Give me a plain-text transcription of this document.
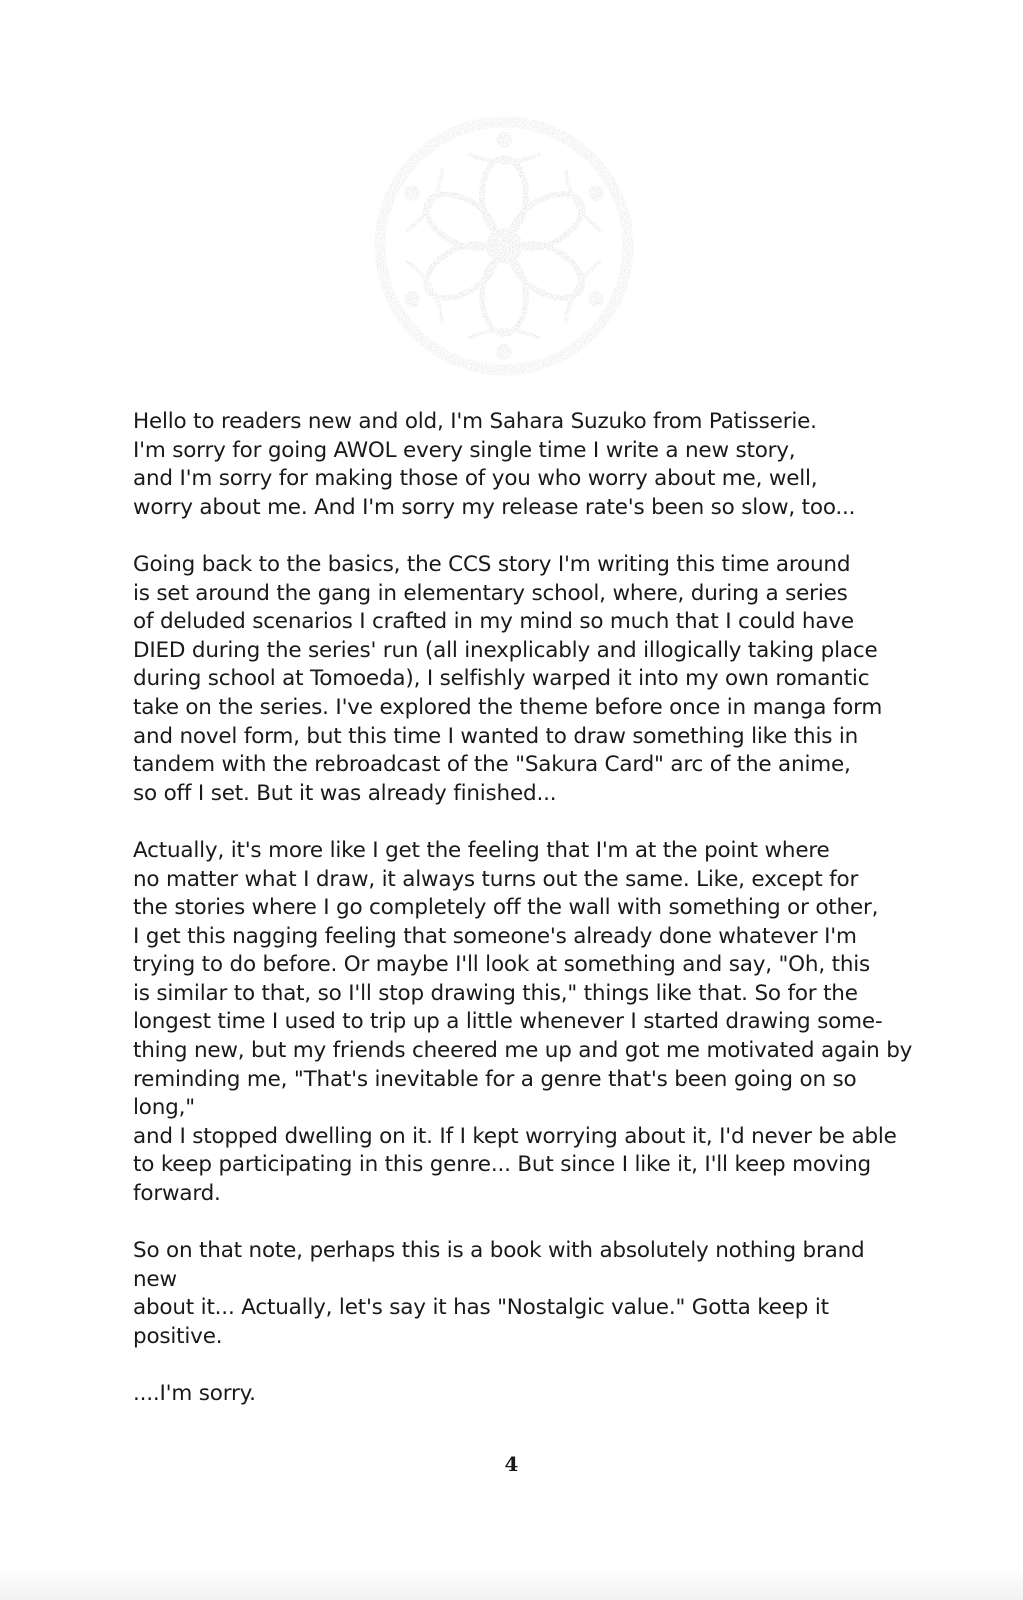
Hello to readers new and old, I'm Sahara Suzuko from Patisserie.
I'm sorry for going AWOL every single time I write a new story,
and I'm sorry for making those of you who worry about me, well,
worry about me. And I'm sorry my release rate's been so slow, too...
Going back to the basics, the CCS story I'm writing this time around
is set around the gang in elementary school, where, during a series
of deluded scenarios I crafted in my mind so much that I could have
DIED during the series' run (all inexplicably and illogically taking place
during school at Tomoeda), I selfishly warped it into my own romantic
take on the series. I've explored the theme before once in manga form
and novel form, but this time I wanted to draw something like this in
tandem with the rebroadcast of the "Sakura Card" arc of the anime,
so off I set. But it was already finished...
Actually, it's more like I get the feeling that I'm at the point where
no matter what I draw, it always turns out the same. Like, except for
the stories where I go completely off the wall with something or other,
I get this nagging feeling that someone's already done whatever I'm
trying to do before. Or maybe I'll look at something and say, "Oh, this
is similar to that, so I'll stop drawing this," things like that. So for the
longest time I used to trip up a little whenever I started drawing some-
thing new, but my friends cheered me up and got me motivated again by
reminding me, "That's inevitable for a genre that's been going on so
long,"
and I stopped dwelling on it. If I kept worrying about it, I'd never be able
to keep participating in this genre... But since I like it, I'll keep moving
forward.
So on that note, perhaps this is a book with absolutely nothing brand
new
about it... Actually, let's say it has "Nostalgic value." Gotta keep it
positive.
....I'm sorry.
4
